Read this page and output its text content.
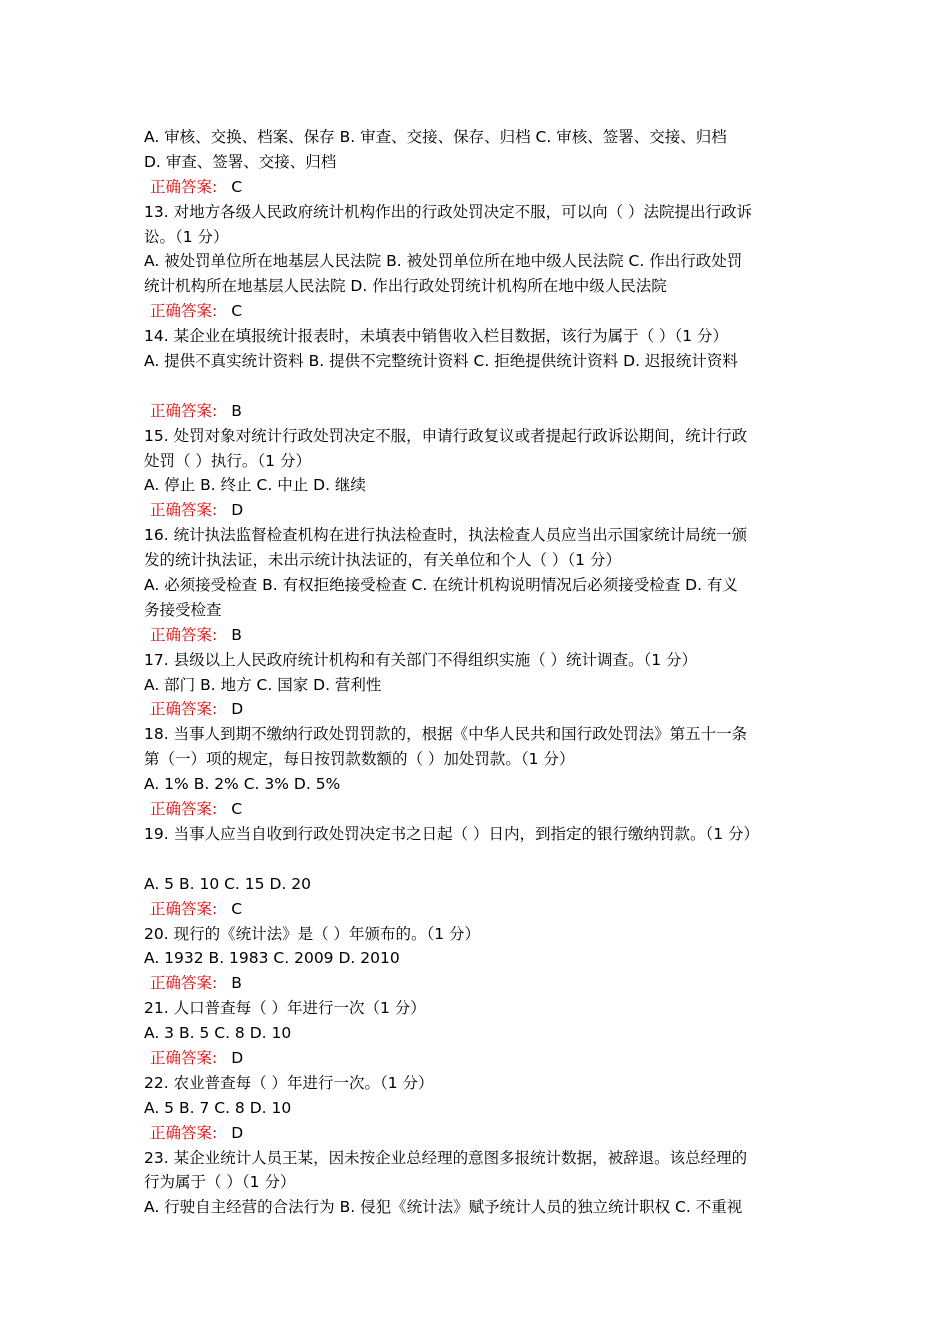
A. 审核、交换、档案、保存 B. 审查、交接、保存、归档 C. 审核、签署、交接、归档
D. 审查、签署、交接、归档
正确答案: C
13. 对地方各级人民政府统计机构作出的行政处罚决定不服，可以向（ ）法院提出行政诉
讼。（1 分）
A. 被处罚单位所在地基层人民法院 B. 被处罚单位所在地中级人民法院 C. 作出行政处罚
统计机构所在地基层人民法院 D. 作出行政处罚统计机构所在地中级人民法院
正确答案: C
14. 某企业在填报统计报表时，未填表中销售收入栏目数据，该行为属于（ ）（1 分）
A. 提供不真实统计资料 B. 提供不完整统计资料 C. 拒绝提供统计资料 D. 迟报统计资料
正确答案: B
15. 处罚对象对统计行政处罚决定不服，申请行政复议或者提起行政诉讼期间，统计行政
处罚（ ）执行。（1 分）
A. 停止 B. 终止 C. 中止 D. 继续
正确答案: D
16. 统计执法监督检查机构在进行执法检查时，执法检查人员应当出示国家统计局统一颁
发的统计执法证，未出示统计执法证的，有关单位和个人（ ）（1 分）
A. 必须接受检查 B. 有权拒绝接受检查 C. 在统计机构说明情况后必须接受检查 D. 有义
务接受检查
正确答案: B
17. 县级以上人民政府统计机构和有关部门不得组织实施（ ）统计调查。（1 分）
A. 部门 B. 地方 C. 国家 D. 营利性
正确答案: D
18. 当事人到期不缴纳行政处罚罚款的，根据《中华人民共和国行政处罚法》第五十一条
第（一）项的规定，每日按罚款数额的（ ）加处罚款。（1 分）
A. 1% B. 2% C. 3% D. 5%
正确答案: C
19. 当事人应当自收到行政处罚决定书之日起（ ）日内，到指定的银行缴纳罚款。（1 分）
A. 5 B. 10 C. 15 D. 20
正确答案: C
20. 现行的《统计法》是（ ）年颁布的。（1 分）
A. 1932 B. 1983 C. 2009 D. 2010
正确答案: B
21. 人口普查每（ ）年进行一次（1 分）
A. 3 B. 5 C. 8 D. 10
正确答案: D
22. 农业普查每（ ）年进行一次。（1 分）
A. 5 B. 7 C. 8 D. 10
正确答案: D
23. 某企业统计人员王某，因未按企业总经理的意图多报统计数据，被辞退。该总经理的
行为属于（ ）（1 分）
A. 行驶自主经营的合法行为 B. 侵犯《统计法》赋予统计人员的独立统计职权 C. 不重视
